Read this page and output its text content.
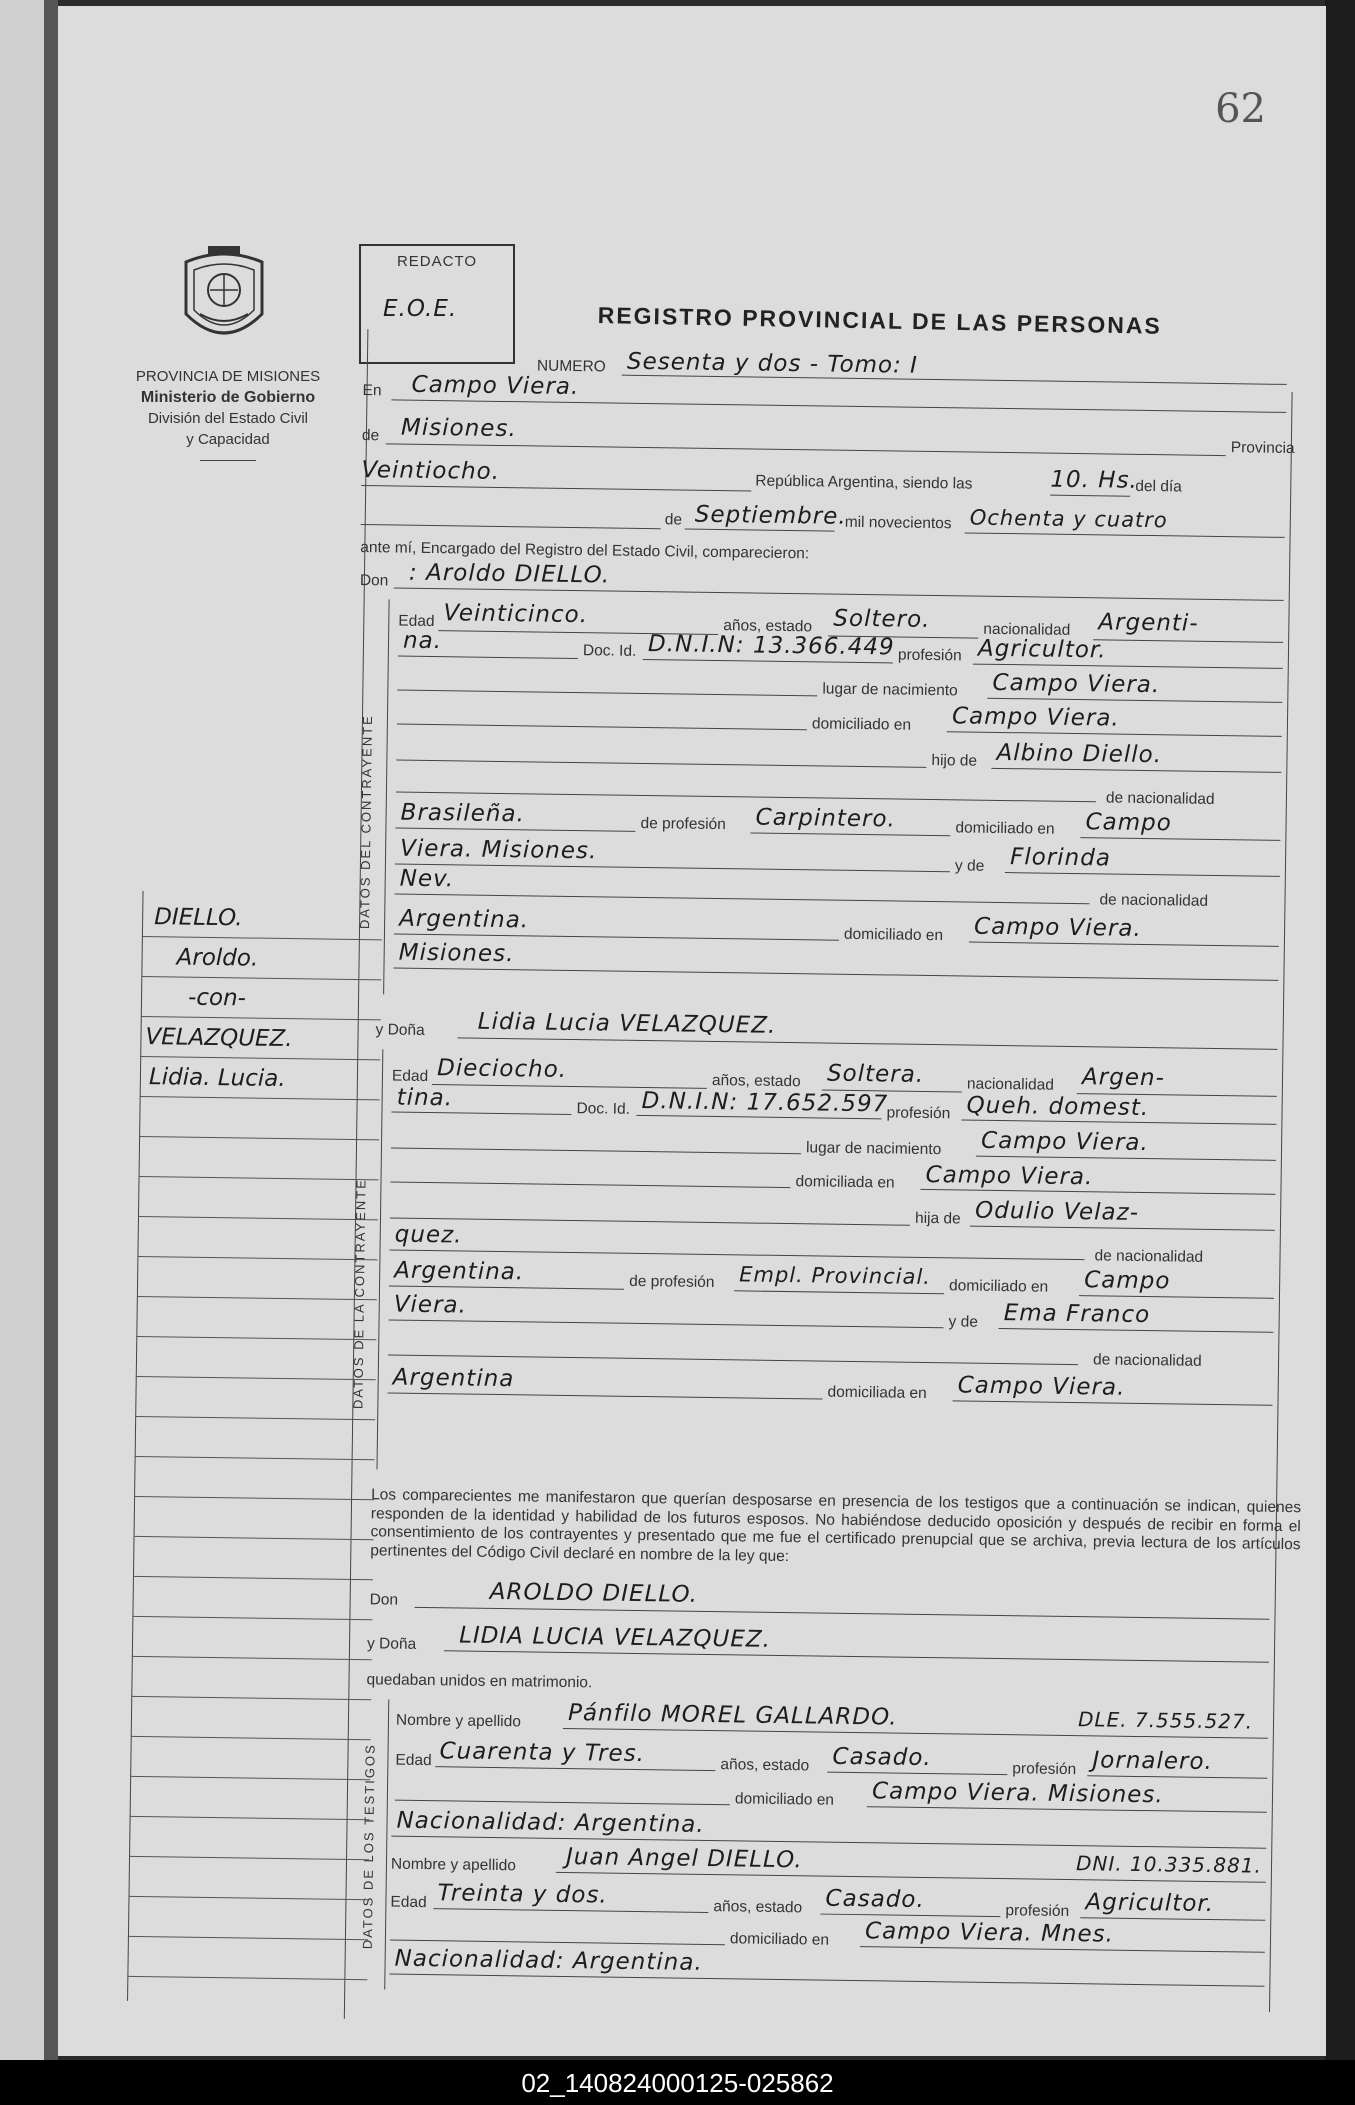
62
PROVINCIA DE MISIONES
Ministerio de Gobierno
División del Estado Civil
y Capacidad
REDACTO
E.O.E.	REGISTRO PROVINCIAL DE LAS PERSONAS
NUMERO Sesenta y dos - Tomo: I
En Campo Viera.
de Misiones.
Provincia
Veintiocho.	República Argentina, siendo las	10. Hs.
del día
Septiembre.
de	mil novecientos Ochenta y cuatro
ante mí, Encargado del Registro del Estado Civil, comparecieron:
Don : Aroldo DIELLO.
DATOS DEL CONTRAYENTE
Edad Veinticinco.	años, estado Soltero.	nacionalidad Argenti-
na.	Doc. Id. D.N.I.N: 13.366.449 profesión Agricultor.
lugar de nacimiento Campo Viera.
domiciliado en Campo Viera.
hijo de Albino Diello.
de nacionalidad
Brasileña.	de profesión Carpintero.	domiciliado en Campo
Viera. Misiones.
y de Florinda
Nev.
de nacionalidad
Argentina.
domiciliado en Campo Viera.
Misiones.
y Doña Lidia Lucia VELAZQUEZ.
DATOS DE LA CONTRAYENTE
Edad Dieciocho.	años, estado Soltera.	nacionalidad Argen-
tina.	Doc. Id. D.N.I.N: 17.652.597
profesión Queh. domest.
lugar de nacimiento Campo Viera.
domiciliada en Campo Viera.
hija de Odulio Velaz-
quez.
de nacionalidad
Argentina.	de profesión Empl. Provincial. domiciliado en Campo
Viera.
y de Ema Franco
de nacionalidad
Argentina
domiciliada en Campo Viera.
Los comparecientes me manifestaron que querían desposarse en presencia de los testigos que a continuación se indican, quienes responden de la identidad y habilidad de los futuros esposos. No habiéndose deducido oposición y después de recibir en forma el consentimiento de los contrayentes y presentado que me fue el certificado prenupcial que se archiva, previa lectura de los artículos pertinentes del Código Civil declaré en nombre de la ley que:
Don	AROLDO DIELLO.
y Doña LIDIA LUCIA VELAZQUEZ.
quedaban unidos en matrimonio.
DATOS DE LOS TESTIGOS
Nombre y apellido Pánfilo MOREL GALLARDO.	DLE. 7.555.527.
Edad Cuarenta y Tres.	años, estado Casado.	profesión Jornalero.
domiciliado en Campo Viera. Misiones.
Nacionalidad: Argentina.
Nombre y apellido Juan Angel DIELLO.	DNI. 10.335.881.
Edad Treinta y dos.	años, estado Casado.	profesión Agricultor.
domiciliado en Campo Viera. Mnes.
Nacionalidad: Argentina.
DIELLO.
Aroldo.
-con-
VELAZQUEZ.
Lidia. Lucia.
02_140824000125-025862
